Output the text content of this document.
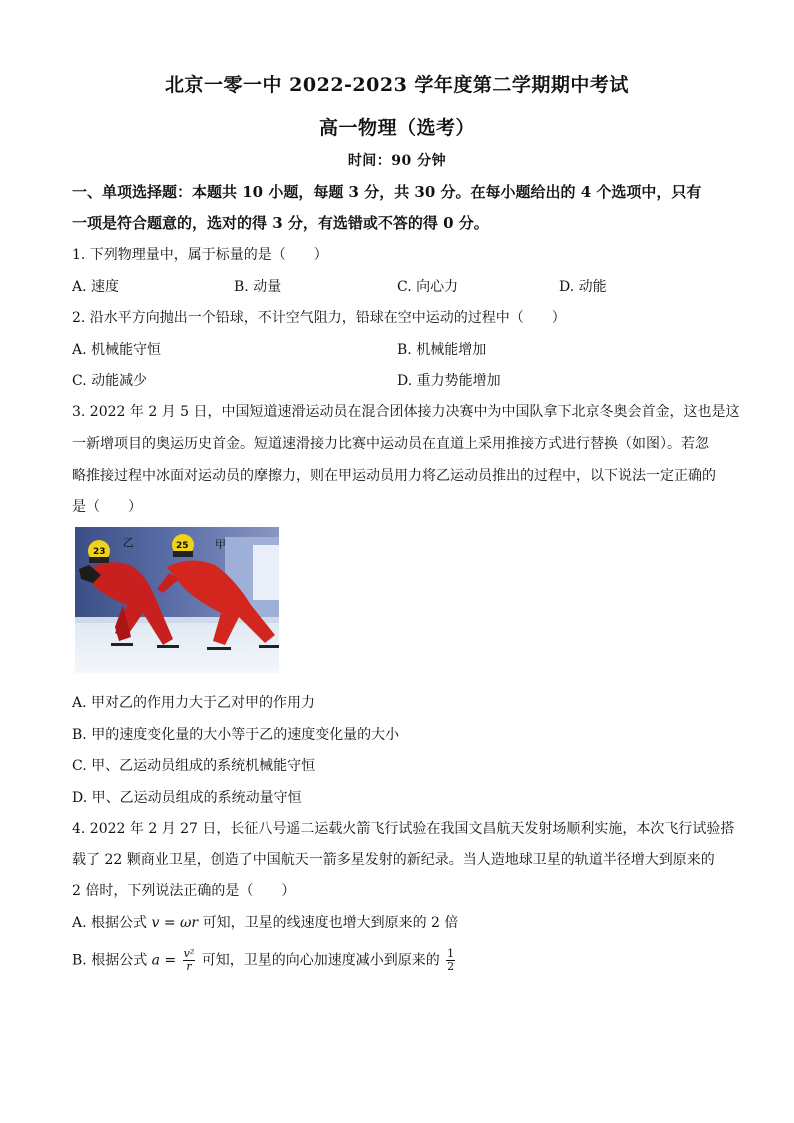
北京一零一中 2022-2023 学年度第二学期期中考试
高一物理（选考）
时间：90 分钟
一、单项选择题：本题共 10 小题，每题 3 分，共 30 分。在每小题给出的 4 个选项中，只有
一项是符合题意的，选对的得 3 分，有选错或不答的得 0 分。
1. 下列物理量中，属于标量的是（　　）
A. 速度	B. 动量	C. 向心力	D. 动能
2. 沿水平方向抛出一个铅球，不计空气阻力，铅球在空中运动的过程中（　　）
A. 机械能守恒	B. 机械能增加
C. 动能减少	D. 重力势能增加
3. 2022 年 2 月 5 日，中国短道速滑运动员在混合团体接力决赛中为中国队拿下北京冬奥会首金，这也是这
一新增项目的奥运历史首金。短道速滑接力比赛中运动员在直道上采用推接方式进行替换（如图）。若忽
略推接过程中冰面对运动员的摩擦力，则在甲运动员用力将乙运动员推出的过程中，以下说法一定正确的
是（　　）
23
25
乙	甲
A. 甲对乙的作用力大于乙对甲的作用力
B. 甲的速度变化量的大小等于乙的速度变化量的大小
C. 甲、乙运动员组成的系统机械能守恒
D. 甲、乙运动员组成的系统动量守恒
4. 2022 年 2 月 27 日，长征八号遥二运载火箭飞行试验在我国文昌航天发射场顺利实施，本次飞行试验搭
载了 22 颗商业卫星，创造了中国航天一箭多星发射的新纪录。当人造地球卫星的轨道半径增大到原来的
2 倍时，下列说法正确的是（　　）
A. 根据公式 v = ωr 可知，卫星的线速度也增大到原来的 2 倍
B. 根据公式 $a = \frac{\text{v²}}{r}$ 可知，卫星的向心加速度减小到原来的 $\frac{1}{2}$
